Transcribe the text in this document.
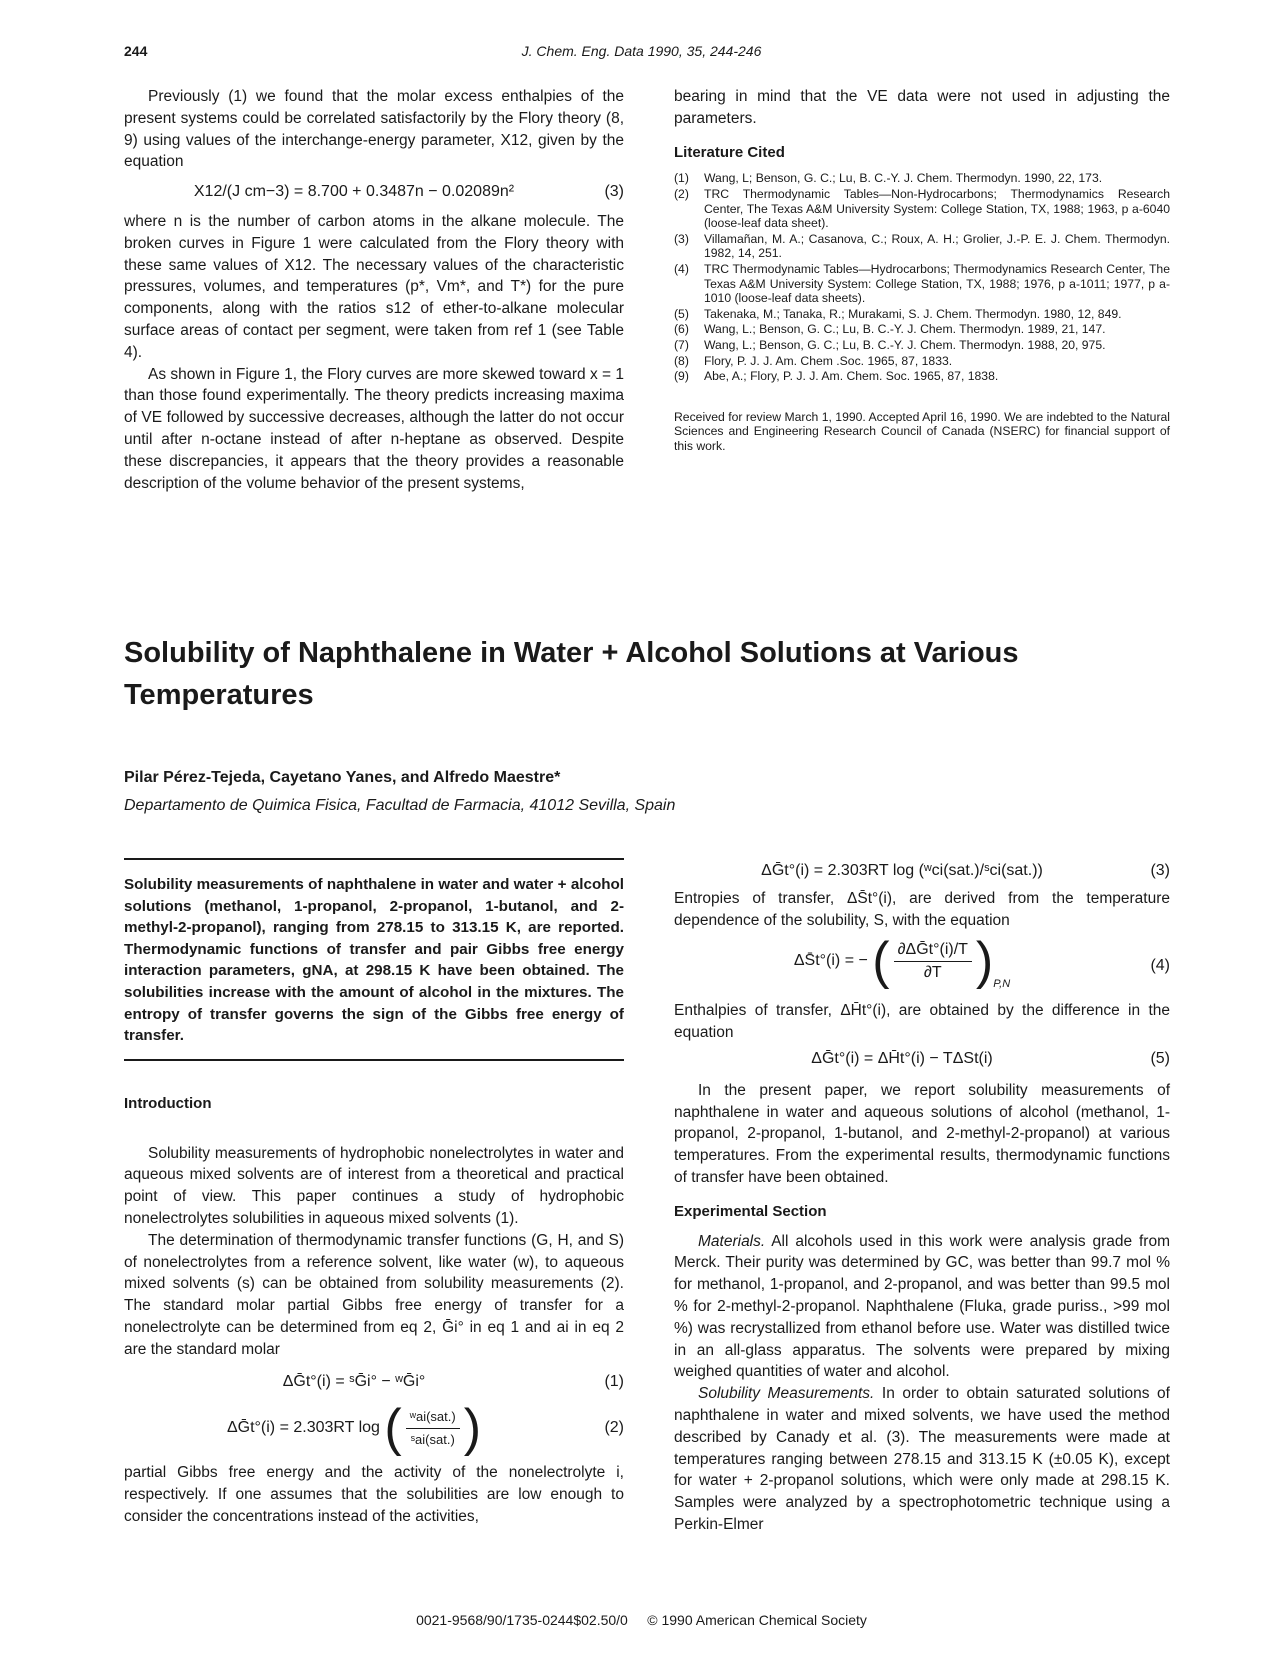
244	J. Chem. Eng. Data 1990, 35, 244-246

Previously (1) we found that the molar excess enthalpies of the present systems could be correlated satisfactorily by the Flory theory (8, 9) using values of the interchange-energy parameter, X12, given by the equation

X12/(J cm−3) = 8.700 + 0.3487n − 0.02089n²	(3)

where n is the number of carbon atoms in the alkane molecule. The broken curves in Figure 1 were calculated from the Flory theory with these same values of X12. The necessary values of the characteristic pressures, volumes, and temperatures (p*, Vm*, and T*) for the pure components, along with the ratios s12 of ether-to-alkane molecular surface areas of contact per segment, were taken from ref 1 (see Table 4).

As shown in Figure 1, the Flory curves are more skewed toward x = 1 than those found experimentally. The theory predicts increasing maxima of VE followed by successive decreases, although the latter do not occur until after n-octane instead of after n-heptane as observed. Despite these discrepancies, it appears that the theory provides a reasonable description of the volume behavior of the present systems,

bearing in mind that the VE data were not used in adjusting the parameters.

Literature Cited
(1)	Wang, L; Benson, G. C.; Lu, B. C.-Y. J. Chem. Thermodyn. 1990, 22, 173.
(2)	TRC Thermodynamic Tables—Non-Hydrocarbons; Thermodynamics Research Center, The Texas A&M University System: College Station, TX, 1988; 1963, p a-6040 (loose-leaf data sheet).
(3)	Villamañan, M. A.; Casanova, C.; Roux, A. H.; Grolier, J.-P. E. J. Chem. Thermodyn. 1982, 14, 251.
(4)	TRC Thermodynamic Tables—Hydrocarbons; Thermodynamics Research Center, The Texas A&M University System: College Station, TX, 1988; 1976, p a-1011; 1977, p a-1010 (loose-leaf data sheets).
(5)	Takenaka, M.; Tanaka, R.; Murakami, S. J. Chem. Thermodyn. 1980, 12, 849.
(6)	Wang, L.; Benson, G. C.; Lu, B. C.-Y. J. Chem. Thermodyn. 1989, 21, 147.
(7)	Wang, L.; Benson, G. C.; Lu, B. C.-Y. J. Chem. Thermodyn. 1988, 20, 975.
(8)	Flory, P. J. J. Am. Chem .Soc. 1965, 87, 1833.
(9)	Abe, A.; Flory, P. J. J. Am. Chem. Soc. 1965, 87, 1838.
Received for review March 1, 1990. Accepted April 16, 1990. We are indebted to the Natural Sciences and Engineering Research Council of Canada (NSERC) for financial support of this work.
Solubility of Naphthalene in Water + Alcohol Solutions at Various Temperatures
Pilar Pérez-Tejeda, Cayetano Yanes, and Alfredo Maestre*
Departamento de Quimica Fisica, Facultad de Farmacia, 41012 Sevilla, Spain
Solubility measurements of naphthalene in water and water + alcohol solutions (methanol, 1-propanol, 2-propanol, 1-butanol, and 2-methyl-2-propanol), ranging from 278.15 to 313.15 K, are reported. Thermodynamic functions of transfer and pair Gibbs free energy interaction parameters, gNA, at 298.15 K have been obtained. The solubilities increase with the amount of alcohol in the mixtures. The entropy of transfer governs the sign of the Gibbs free energy of transfer.
Introduction

Solubility measurements of hydrophobic nonelectrolytes in water and aqueous mixed solvents are of interest from a theoretical and practical point of view. This paper continues a study of hydrophobic nonelectrolytes solubilities in aqueous mixed solvents (1).

The determination of thermodynamic transfer functions (G, H, and S) of nonelectrolytes from a reference solvent, like water (w), to aqueous mixed solvents (s) can be obtained from solubility measurements (2). The standard molar partial Gibbs free energy of transfer for a nonelectrolyte can be determined from eq 2, Ḡi° in eq 1 and ai in eq 2 are the standard molar

ΔḠt°(i) = ˢḠi° − ʷḠi°	(1)
ΔḠt°(i) = 2.303RT log ( $\frac{\text{ʷai(sat.)}}{\text{ˢai(sat.)}}$ )	(2)

partial Gibbs free energy and the activity of the nonelectrolyte i, respectively. If one assumes that the solubilities are low enough to consider the concentrations instead of the activities,

ΔḠt°(i) = 2.303RT log (ʷci(sat.)/ˢci(sat.))	(3)

Entropies of transfer, ΔS̄t°(i), are derived from the temperature dependence of the solubility, S, with the equation

ΔS̄t°(i) = − ( $\frac{\text{∂ΔḠt°(i)/T}}{\partial T} )_{P,N}$
(4)

Enthalpies of transfer, ΔH̄t°(i), are obtained by the difference in the equation

ΔḠt°(i) = ΔH̄t°(i) − TΔSt(i)	(5)

In the present paper, we report solubility measurements of naphthalene in water and aqueous solutions of alcohol (methanol, 1-propanol, 2-propanol, 1-butanol, and 2-methyl-2-propanol) at various temperatures. From the experimental results, thermodynamic functions of transfer have been obtained.

Experimental Section

Materials. All alcohols used in this work were analysis grade from Merck. Their purity was determined by GC, was better than 99.7 mol % for methanol, 1-propanol, and 2-propanol, and was better than 99.5 mol % for 2-methyl-2-propanol. Naphthalene (Fluka, grade puriss., >99 mol %) was recrystallized from ethanol before use. Water was distilled twice in an all-glass apparatus. The solvents were prepared by mixing weighed quantities of water and alcohol.

Solubility Measurements. In order to obtain saturated solutions of naphthalene in water and mixed solvents, we have used the method described by Canady et al. (3). The measurements were made at temperatures ranging between 278.15 and 313.15 K (±0.05 K), except for water + 2-propanol solutions, which were only made at 298.15 K. Samples were analyzed by a spectrophotometric technique using a Perkin-Elmer

0021-9568/90/1735-0244$02.50/0 © 1990 American Chemical Society
